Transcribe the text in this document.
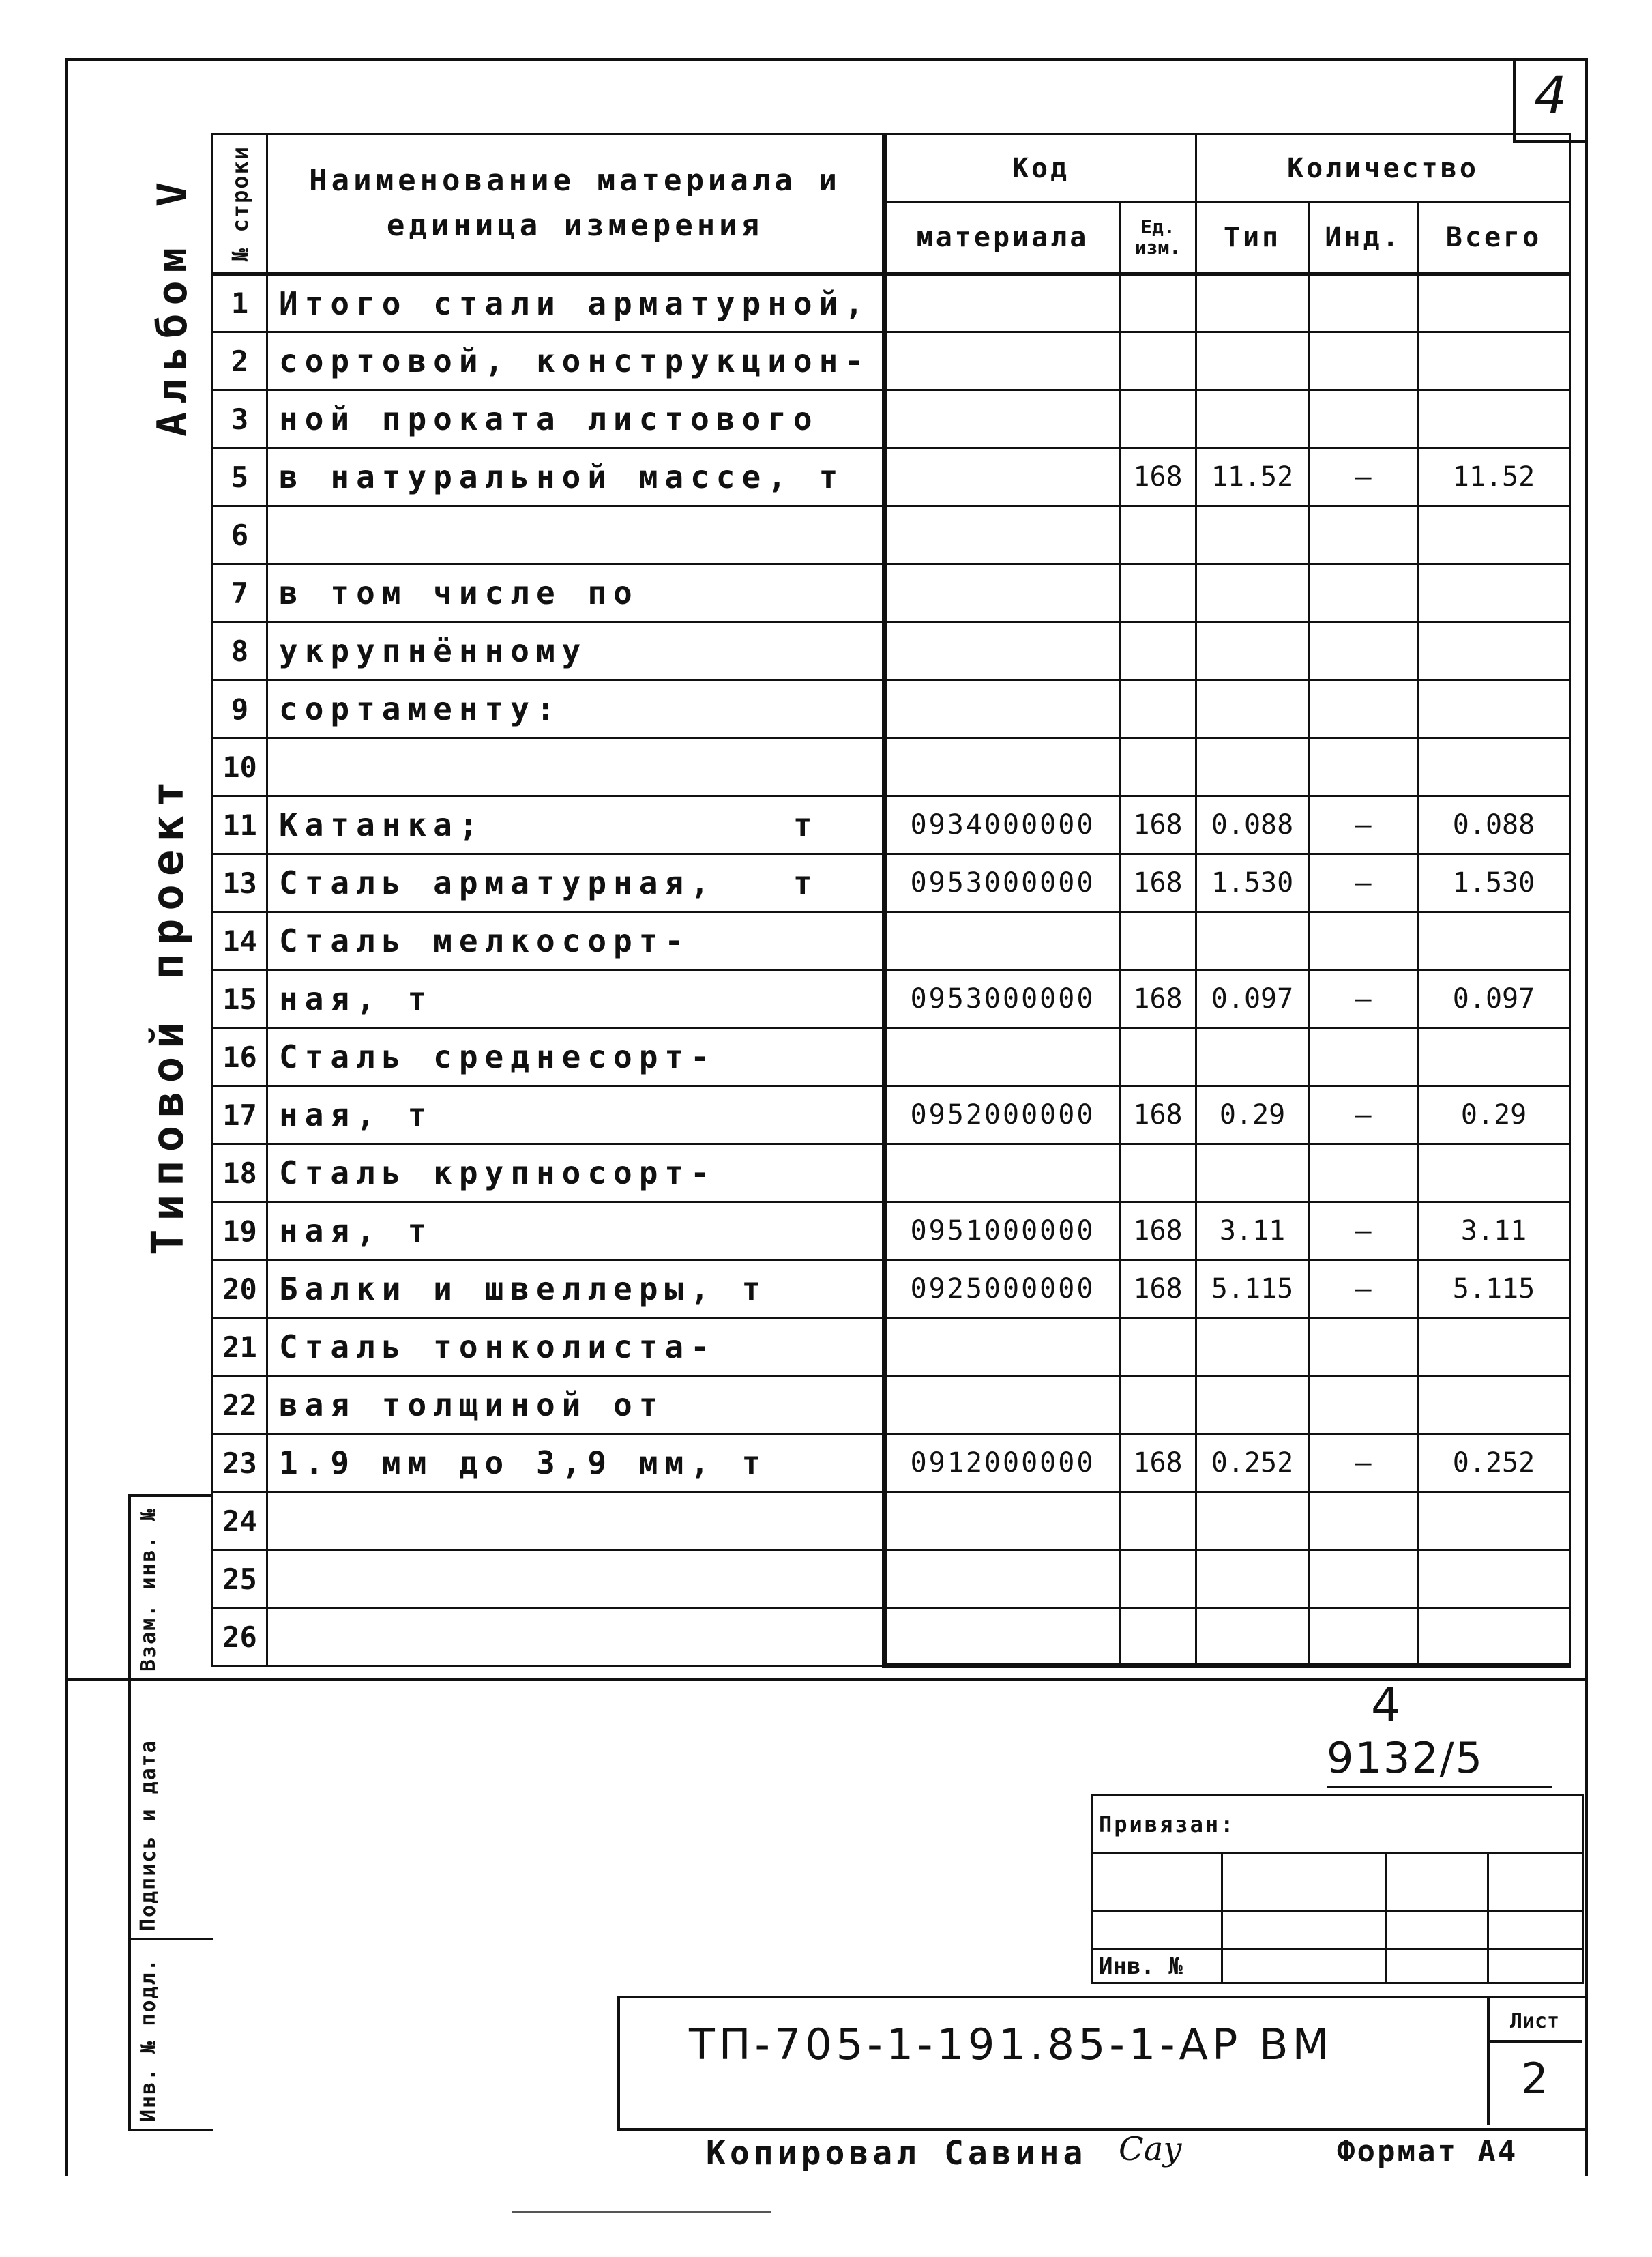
4
Альбом V
Типовой проект
Взам. инв. №
Подпись и дата
Инв. № подл.
№ строки	Наименование материала и единица измерения	Код		Количество		
		материала	Ед. изм.	Тип	Инд.	Всего
1	Итого стали арматурной,					
2	сортовой, конструкцион-					
3	ной проката листового					
5	в натуральной массе, т		168	11.52	–	11.52
6						
7	в том числе по					
8	укрупнённому					
9	сортаменту:					
10						
11	Катанка;            т	0934000000	168	0.088	–	0.088
13	Сталь арматурная,   т	0953000000	168	1.530	–	1.530
14	Сталь мелкосорт-					
15	ная, т	0953000000	168	0.097	–	0.097
16	Сталь среднесорт-					
17	ная, т	0952000000	168	0.29	–	0.29
18	Сталь крупносорт-					
19	ная, т	0951000000	168	3.11	–	3.11
20	Балки и швеллеры, т	0925000000	168	5.115	–	5.115
21	Сталь тонколиста-					
22	вая толщиной от					
23	1.9 мм до 3,9 мм, т	0912000000	168	0.252	–	0.252
24						
25						
26						
4
9132/5
Привязан:			

Инв. №			
ТП-705-1-191.85-1-АР ВМ	Лист
2
Копировал Савина Сау	Формат А4
